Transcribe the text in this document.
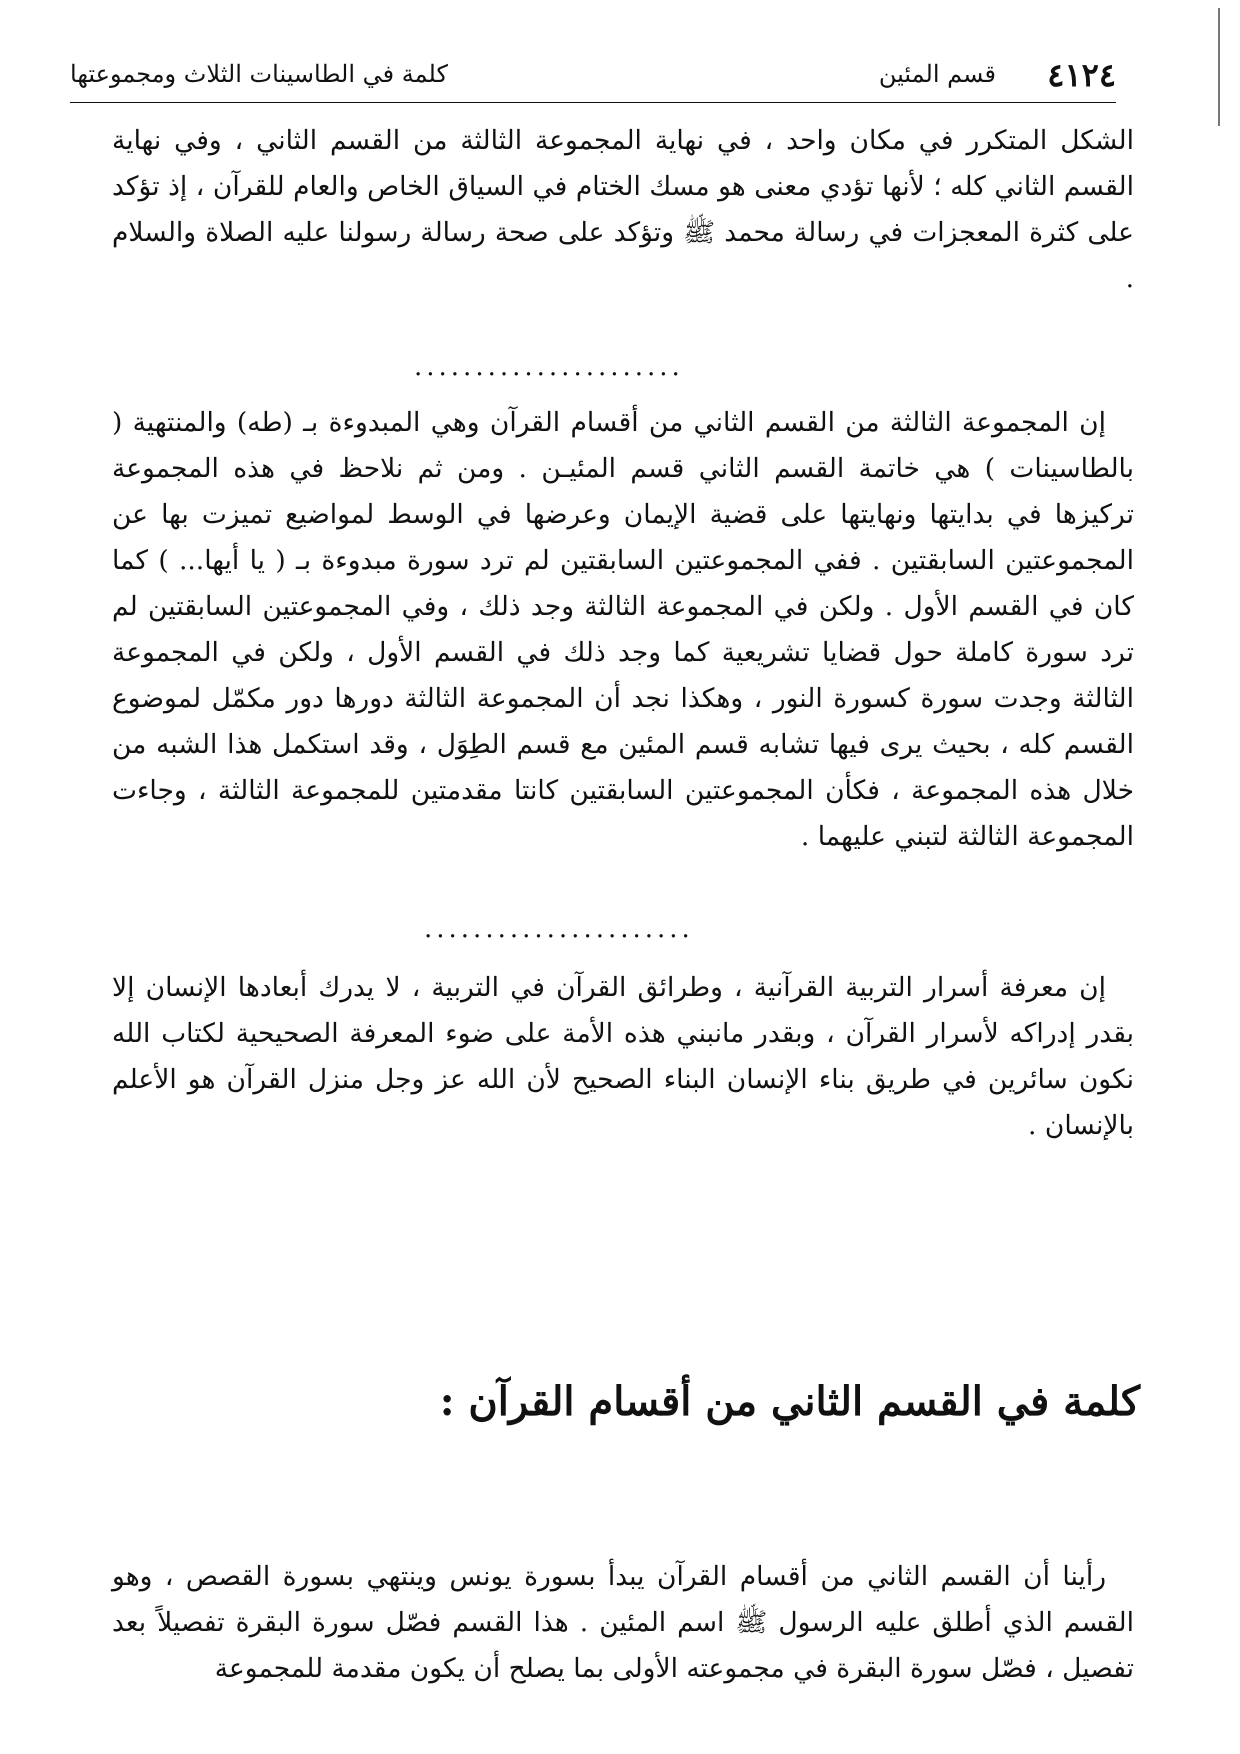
٤١٢٤
قسم المئين
كلمة في الطاسينات الثلاث ومجموعتها

الشكل المتكرر في مكان واحد ، في نهاية المجموعة الثالثة من القسم الثاني ، وفي نهاية القسم الثاني كله ؛ لأنها تؤدي معنى هو مسك الختام في السياق الخاص والعام للقرآن ، إذ تؤكد على كثرة المعجزات في رسالة محمد ﷺ وتؤكد على صحة رسالة رسولنا عليه الصلاة والسلام .

......................

إن المجموعة الثالثة من القسم الثاني من أقسام القرآن وهي المبدوءة بـ (طه) والمنتهية ( بالطاسينات ) هي خاتمة القسم الثاني قسم المئيـن . ومن ثم نلاحظ في هذه المجموعة تركيزها في بدايتها ونهايتها على قضية الإيمان وعرضها في الوسط لمواضيع تميزت بها عن المجموعتين السابقتين . ففي المجموعتين السابقتين لم ترد سورة مبدوءة بـ ( يا أيها... ) كما كان في القسم الأول . ولكن في المجموعة الثالثة وجد ذلك ، وفي المجموعتين السابقتين لم ترد سورة كاملة حول قضايا تشريعية كما وجد ذلك في القسم الأول ، ولكن في المجموعة الثالثة وجدت سورة كسورة النور ، وهكذا نجد أن المجموعة الثالثة دورها دور مكمّل لموضوع القسم كله ، بحيث يرى فيها تشابه قسم المئين مع قسم الطِوَل ، وقد استكمل هذا الشبه من خلال هذه المجموعة ، فكأن المجموعتين السابقتين كانتا مقدمتين للمجموعة الثالثة ، وجاءت المجموعة الثالثة لتبني عليهما .

......................

إن معرفة أسرار التربية القرآنية ، وطرائق القرآن في التربية ، لا يدرك أبعادها الإنسان إلا بقدر إدراكه لأسرار القرآن ، وبقدر مانبني هذه الأمة على ضوء المعرفة الصحيحية لكتاب الله نكون سائرين في طريق بناء الإنسان البناء الصحيح لأن الله عز وجل منزل القرآن هو الأعلم بالإنسان .

كلمة في القسم الثاني من أقسام القرآن :

رأينا أن القسم الثاني من أقسام القرآن يبدأ بسورة يونس وينتهي بسورة القصص ، وهو القسم الذي أطلق عليه الرسول ﷺ اسم المئين . هذا القسم فصّل سورة البقرة تفصيلاً بعد تفصيل ، فصّل سورة البقرة في مجموعته الأولى بما يصلح أن يكون مقدمة للمجموعة
